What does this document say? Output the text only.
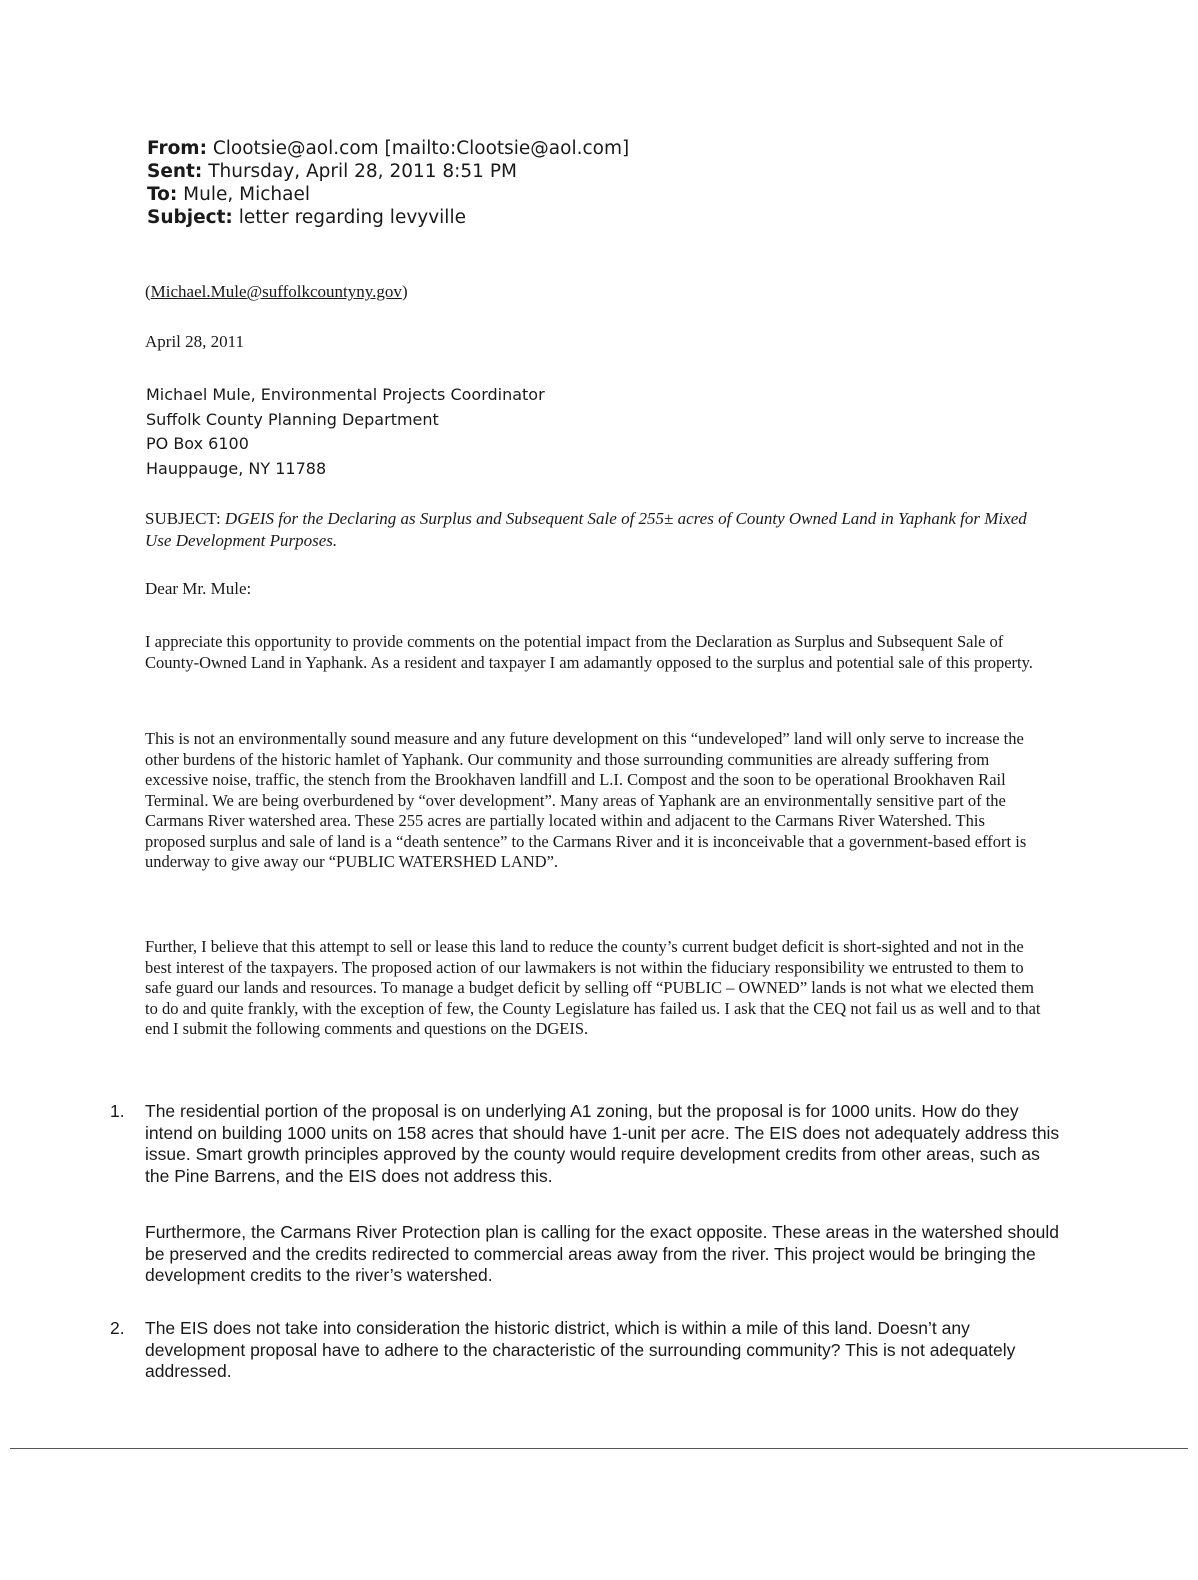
From: Clootsie@aol.com [mailto:Clootsie@aol.com]
Sent: Thursday, April 28, 2011 8:51 PM
To: Mule, Michael
Subject: letter regarding levyville
(Michael.Mule@suffolkcountyny.gov)
April 28, 2011
Michael Mule, Environmental Projects Coordinator
Suffolk County Planning Department
PO Box 6100
Hauppauge, NY 11788
SUBJECT: DGEIS for the Declaring as Surplus and Subsequent Sale of 255± acres of County Owned Land in Yaphank for Mixed Use Development Purposes.
Dear Mr. Mule:
I appreciate this opportunity to provide comments on the potential impact from the Declaration as Surplus and Subsequent Sale of County-Owned Land in Yaphank. As a resident and taxpayer I am adamantly opposed to the surplus and potential sale of this property.
This is not an environmentally sound measure and any future development on this “undeveloped” land will only serve to increase the other burdens of the historic hamlet of Yaphank. Our community and those surrounding communities are already suffering from excessive noise, traffic, the stench from the Brookhaven landfill and L.I. Compost and the soon to be operational Brookhaven Rail Terminal. We are being overburdened by “over development”. Many areas of Yaphank are an environmentally sensitive part of the Carmans River watershed area. These 255 acres are partially located within and adjacent to the Carmans River Watershed. This proposed surplus and sale of land is a “death sentence” to the Carmans River and it is inconceivable that a government-based effort is underway to give away our “PUBLIC WATERSHED LAND”.
Further, I believe that this attempt to sell or lease this land to reduce the county’s current budget deficit is short-sighted and not in the best interest of the taxpayers. The proposed action of our lawmakers is not within the fiduciary responsibility we entrusted to them to safe guard our lands and resources. To manage a budget deficit by selling off “PUBLIC – OWNED” lands is not what we elected them to do and quite frankly, with the exception of few, the County Legislature has failed us. I ask that the CEQ not fail us as well and to that end I submit the following comments and questions on the DGEIS.
1. The residential portion of the proposal is on underlying A1 zoning, but the proposal is for 1000 units. How do they intend on building 1000 units on 158 acres that should have 1-unit per acre. The EIS does not adequately address this issue. Smart growth principles approved by the county would require development credits from other areas, such as the Pine Barrens, and the EIS does not address this.
Furthermore, the Carmans River Protection plan is calling for the exact opposite. These areas in the watershed should be preserved and the credits redirected to commercial areas away from the river. This project would be bringing the development credits to the river’s watershed.
2. The EIS does not take into consideration the historic district, which is within a mile of this land. Doesn’t any development proposal have to adhere to the characteristic of the surrounding community? This is not adequately addressed.
